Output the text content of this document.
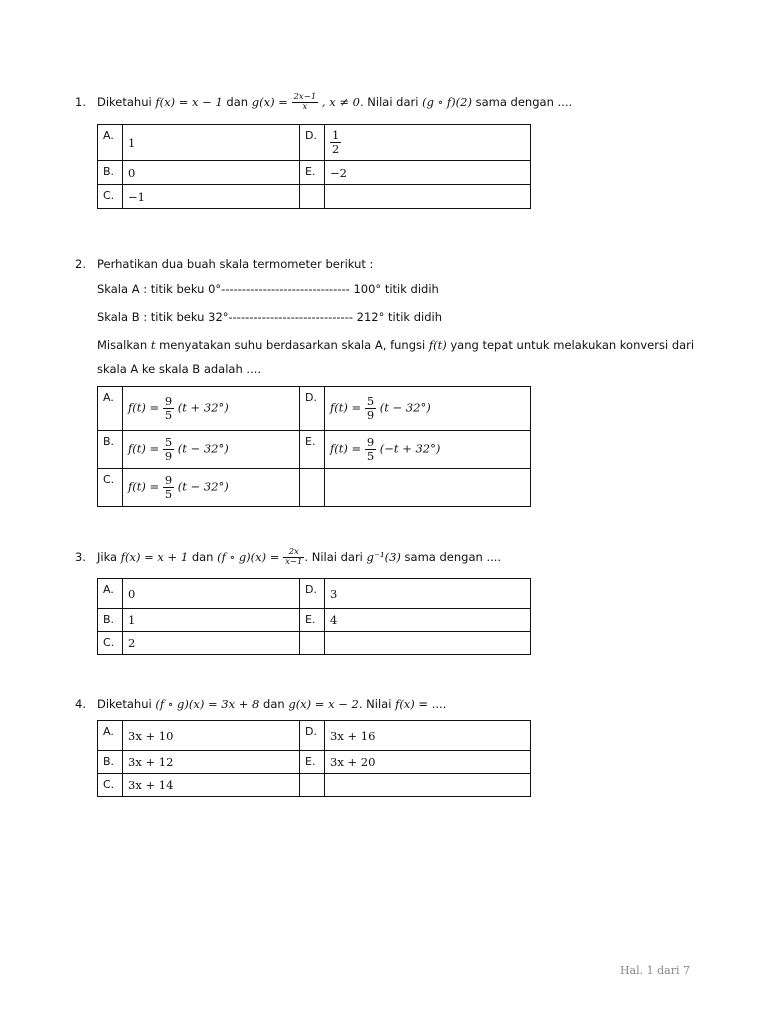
1. Diketahui f(x) = x − 1 dan $g(x) = \frac{2x-1}{x}$ , x ≠ 0. Nilai dari (g ∘ f)(2) sama dengan ....
A.	1	D.	$\frac{1}{2}$

B.	0	E.	−2
C.	−1		
2. Perhatikan dua buah skala termometer berikut :
Skala A : titik beku 0°------------------------------- 100° titik didih
Skala B : titik beku 32°------------------------------ 212° titik didih
Misalkan t menyatakan suhu berdasarkan skala A, fungsi f(t) yang tepat untuk melakukan konversi dari
skala A ke skala B adalah ....
A.	$f(t) = \frac{9}{5} (t + 32^\circ)$	D.	$f(t) = \frac{5}{9} (t - 32^\circ)$
B.	$f(t) = \frac{5}{9} (t - 32^\circ)$	E.	$f(t) = \frac{9}{5} (-t + 32^\circ)$
C.	$f(t) = \frac{9}{5} (t - 32^\circ)$		
3. Jika f(x) = x + 1 dan (f ∘ $g)(x) = \frac{2x}{x-1}$ . Nilai dari g⁻¹(3) sama dengan ....
A.	0	D.	3
B.	1	E.	4
C.	2		
4. Diketahui (f ∘ g)(x) = 3x + 8 dan g(x) = x − 2. Nilai f(x) = ....
A.	3x + 10	D.	3x + 16
B.	3x + 12	E.	3x + 20
C.	3x + 14		
Hal. 1 dari 7
